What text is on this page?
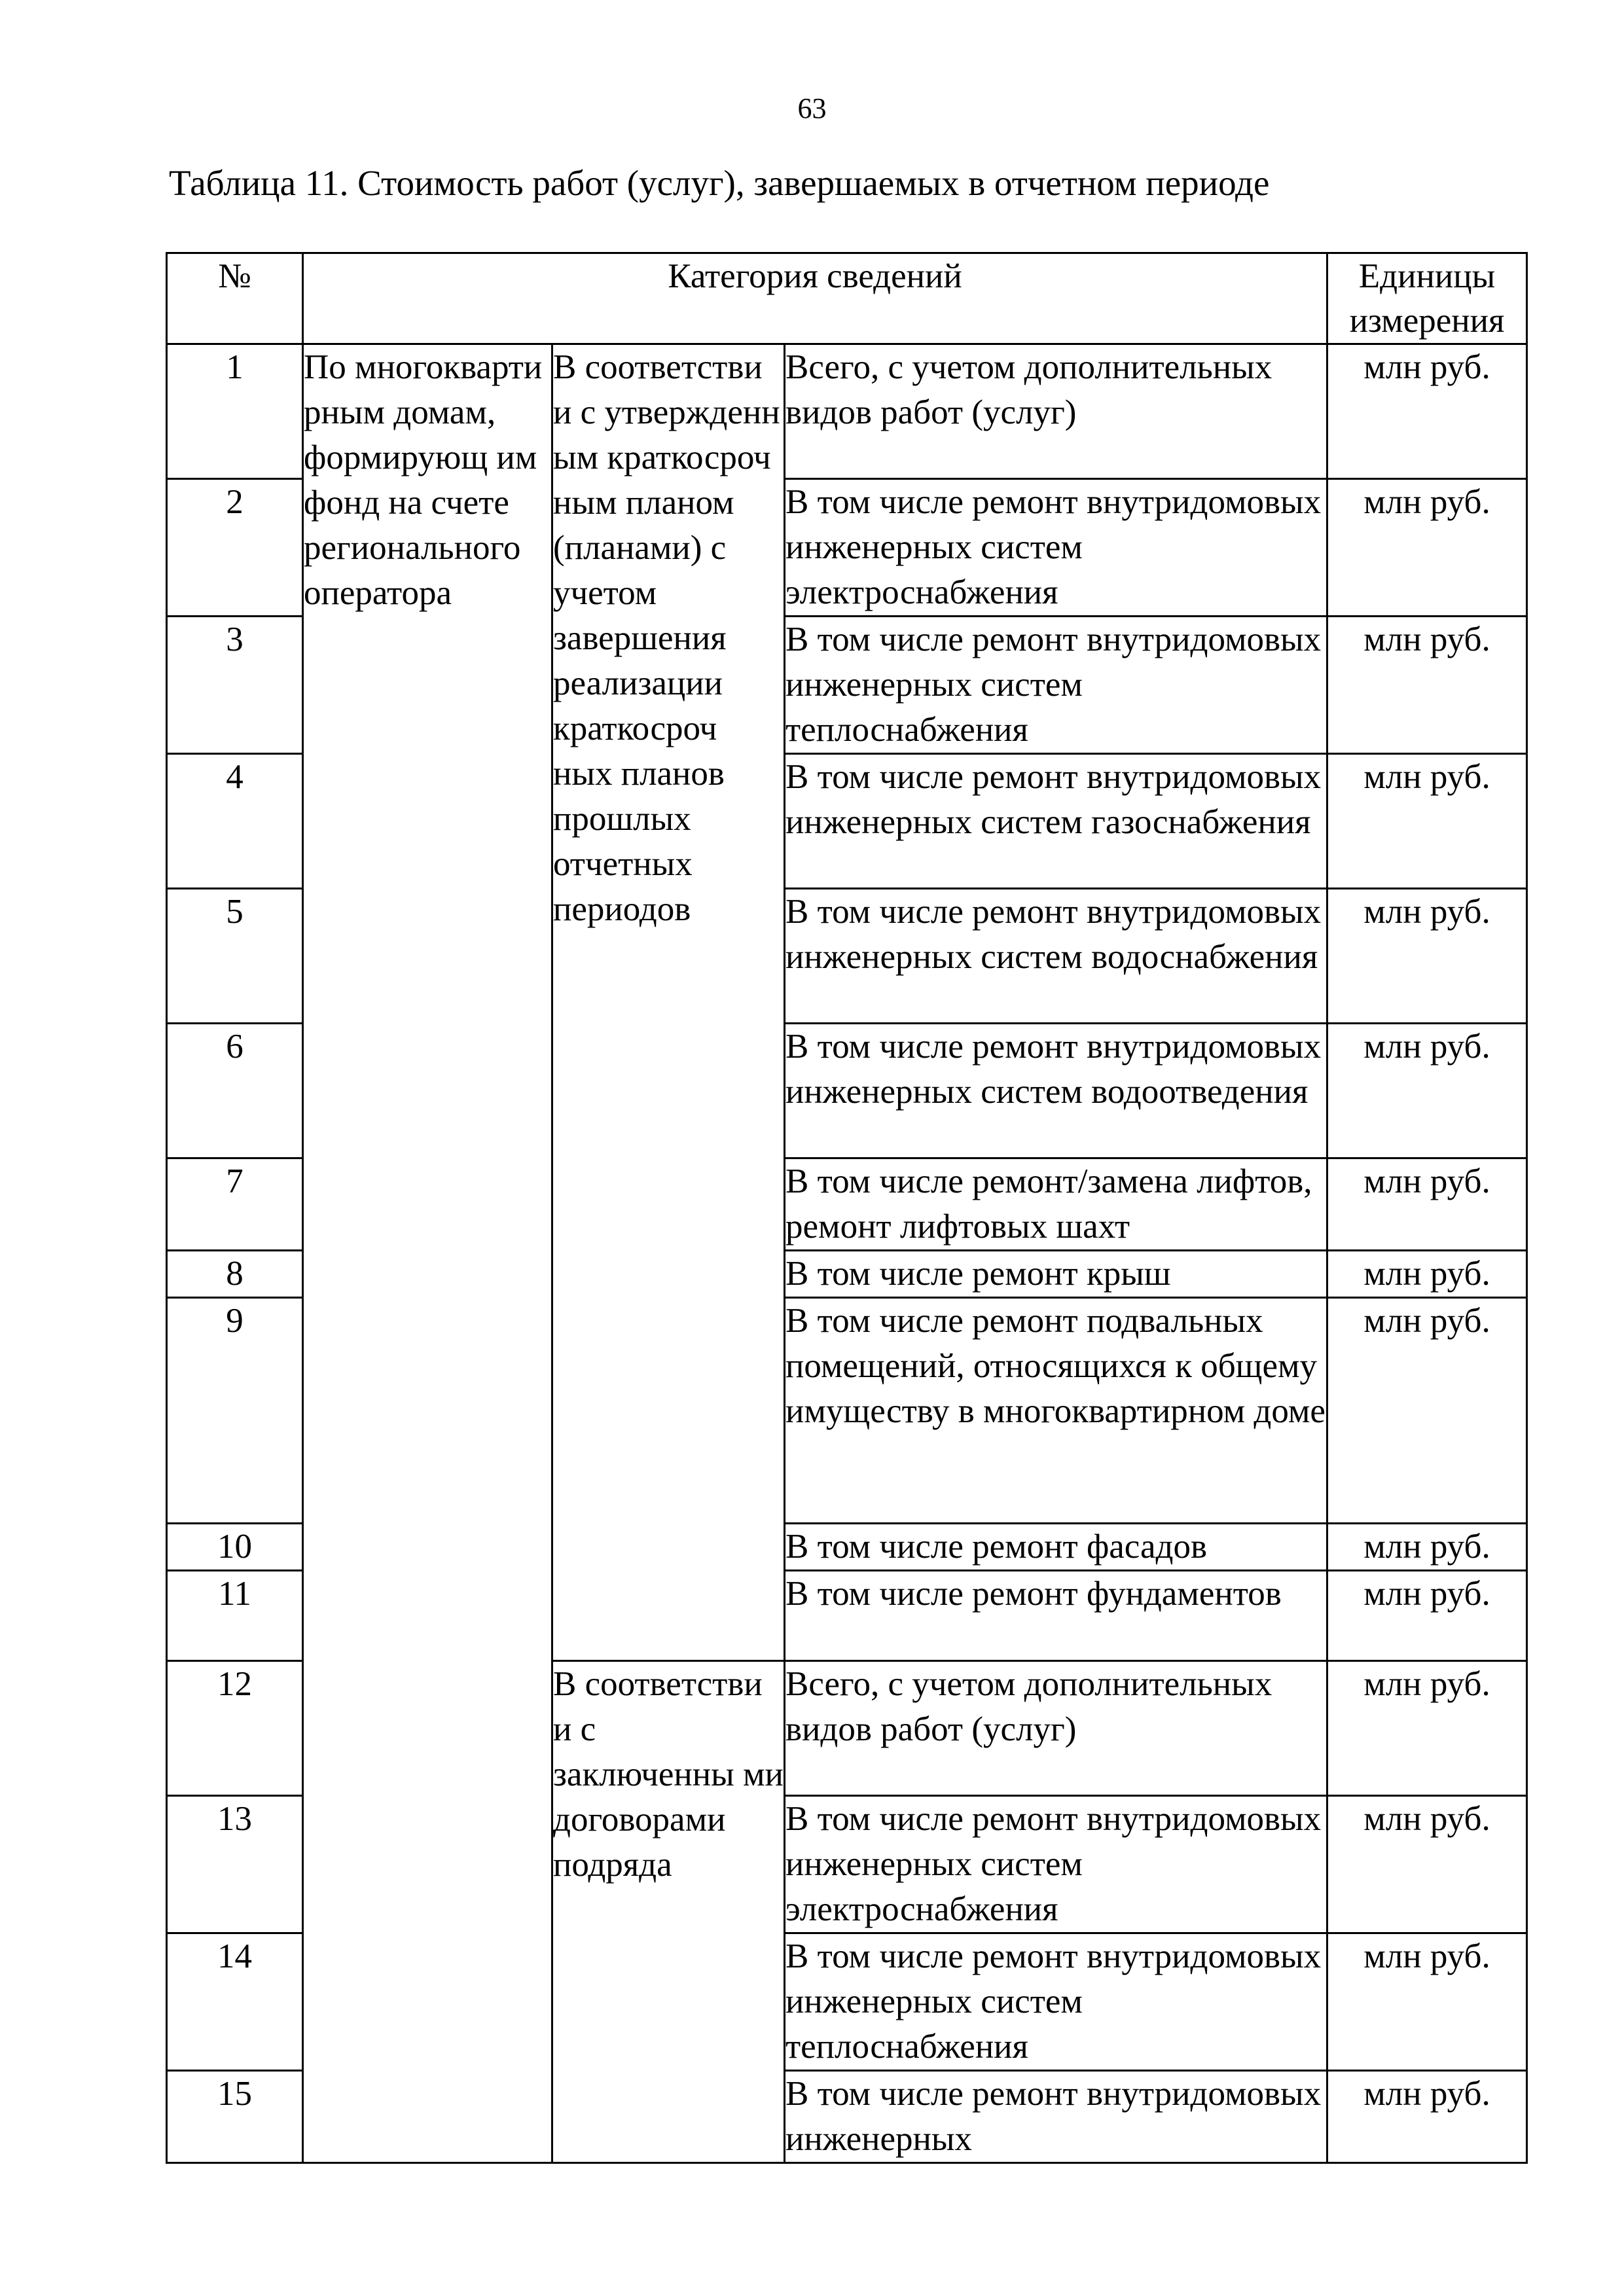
63
Таблица 11. Стоимость работ (услуг), завершаемых в отчетном периоде
№	Категория сведений			Единицы измерения
1	По многокварти рным домам, формирующ им фонд на счете регионального оператора	В соответстви и с утвержденн ым краткосроч ным планом (планами) с учетом завершения реализации краткосроч ных планов прошлых отчетных периодов	Всего, с учетом дополнительных видов работ (услуг)	млн руб.
2			В том числе ремонт внутридомовых инженерных систем электроснабжения	млн руб.
3			В том числе ремонт внутридомовых инженерных систем теплоснабжения	млн руб.
4			В том числе ремонт внутридомовых инженерных систем газоснабжения	млн руб.
5			В том числе ремонт внутридомовых инженерных систем водоснабжения	млн руб.
6			В том числе ремонт внутридомовых инженерных систем водоотведения	млн руб.
7			В том числе ремонт/замена лифтов, ремонт лифтовых шахт	млн руб.
8			В том числе ремонт крыш	млн руб.
9			В том числе ремонт подвальных помещений, относящихся к общему имуществу в многоквартирном доме	млн руб.
10			В том числе ремонт фасадов	млн руб.
11			В том числе ремонт фундаментов	млн руб.
12		В соответстви и с заключенны ми договорами подряда	Всего, с учетом дополнительных видов работ (услуг)	млн руб.
13			В том числе ремонт внутридомовых инженерных систем электроснабжения	млн руб.
14			В том числе ремонт внутридомовых инженерных систем теплоснабжения	млн руб.
15			В том числе ремонт внутридомовых инженерных	млн руб.
